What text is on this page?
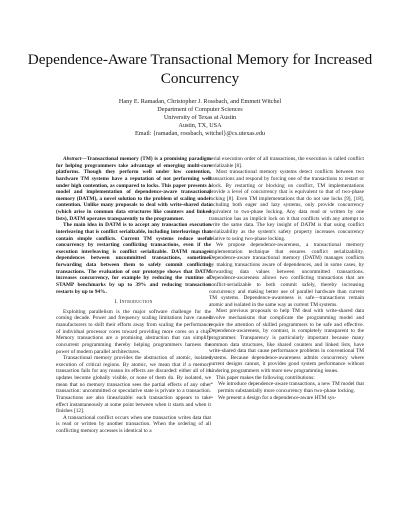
Dependence-Aware Transactional Memory for Increased Concurrency
Hany E. Ramadan, Christopher J. Rossbach, and Emmett Witchel
Department of Computer Sciences
University of Texas at Austin
Austin, TX, USA
Email: {ramadan, rossbach, witchel}@cs.utexas.edu

Abstract—Transactional memory (TM) is a promising paradigm for helping programmers take advantage of emerging multi-core platforms. Though they perform well under low contention, hardware TM systems have a reputation of not performing well under high contention, as compared to locks. This paper presents a model and implementation of dependence-aware transactional memory (DATM), a novel solution to the problem of scaling under contention. Unlike many proposals to deal with write-shared data (which arise in common data structures like counters and linked lists), DATM operates transparently to the programmer.

The main idea in DATM is to accept any transaction execution interleaving that is conflict serializable, including interleavings that contain simple conflicts. Current TM systems reduce useful concurrency by restarting conflicting transactions, even if the execution interleaving is conflict serializable. DATM manages dependences between uncommitted transactions, sometimes forwarding data between them to safely commit conflicting transactions. The evaluation of our prototype shows that DATM increases concurrency, for example by reducing the runtime of STAMP benchmarks by up to 39% and reducing transaction restarts by up to 94%.

I. Introduction

Exploiting parallelism is the major software challenge for the coming decade. Power and frequency scaling limitations have caused manufacturers to shift their efforts away from scaling the performance of individual processor cores toward providing more cores on a chip. Memory transactions are a promising abstraction that can simplify concurrent programming thereby helping programmers harness the power of modern parallel architectures.

Transactional memory provides the abstraction of atomic, isolated execution of critical regions. By atomic, we mean that if a memory transaction fails for any reason its effects are discarded: either all of its updates become globally visible, or none of them do. By isolated, we mean that no memory transaction sees the partial effects of any other transaction: uncommitted or speculative state is private to a transaction. Transactions are also linearizable: each transaction appears to take effect instantaneously at some point between when it starts and when it finishes [12].

A transactional conflict occurs when one transaction writes data that is read or written by another transaction. When the ordering of all conflicting memory accesses is identical to a

serial execution order of all transactions, the execution is called conflict serializable [8].

Most transactional memory systems detect conflicts between two transactions and respond by forcing one of the transactions to restart or block. By restarting or blocking on conflict, TM implementations provide a level of concurrency that is equivalent to that of two-phase locking [8]. Even TM implementations that do not use locks [9], [18], including both eager and lazy systems, only provide concurrency equivalent to two-phase locking. Any data read or written by one transaction has an implicit lock on it that conflicts with any attempt to write the same data. The key insight of DATM is that using conflict serializability as the system's safety property increases concurrency relative to using two-phase locking.

We propose dependence-awareness, a transactional memory implementation technique that ensures conflict serializability. Dependence-aware transactional memory (DATM) manages conflicts by making transactions aware of dependences, and in some cases, by forwarding data values between uncommitted transactions. Dependence-awareness allows two conflicting transactions that are conflict-serializable to both commit safely, thereby increasing concurrency and making better use of parallel hardware than current TM systems. Dependence-awareness is safe—transactions remain atomic and isolated in the same way as current TM systems.

Most previous proposals to help TM deal with write-shared data involve mechanisms that complicate the programming model and require the attention of skilled programmers to be safe and effective. Dependence-awareness, by contrast, is completely transparent to the programmer. Transparency is particularly important because many common data structures, like shared counters and linked lists, have write-shared data that cause performance problems in conventional TM systems. Because dependence-awareness admits concurrency where current designs cannot, it provides good system performance without hindering programmers with more new programming issues.

This paper makes the following contributions:

• We introduce dependence-aware transactions, a new TM model that permits substantially more concurrency than two-phase locking.
• We present a design for a dependence-aware HTM sys-
